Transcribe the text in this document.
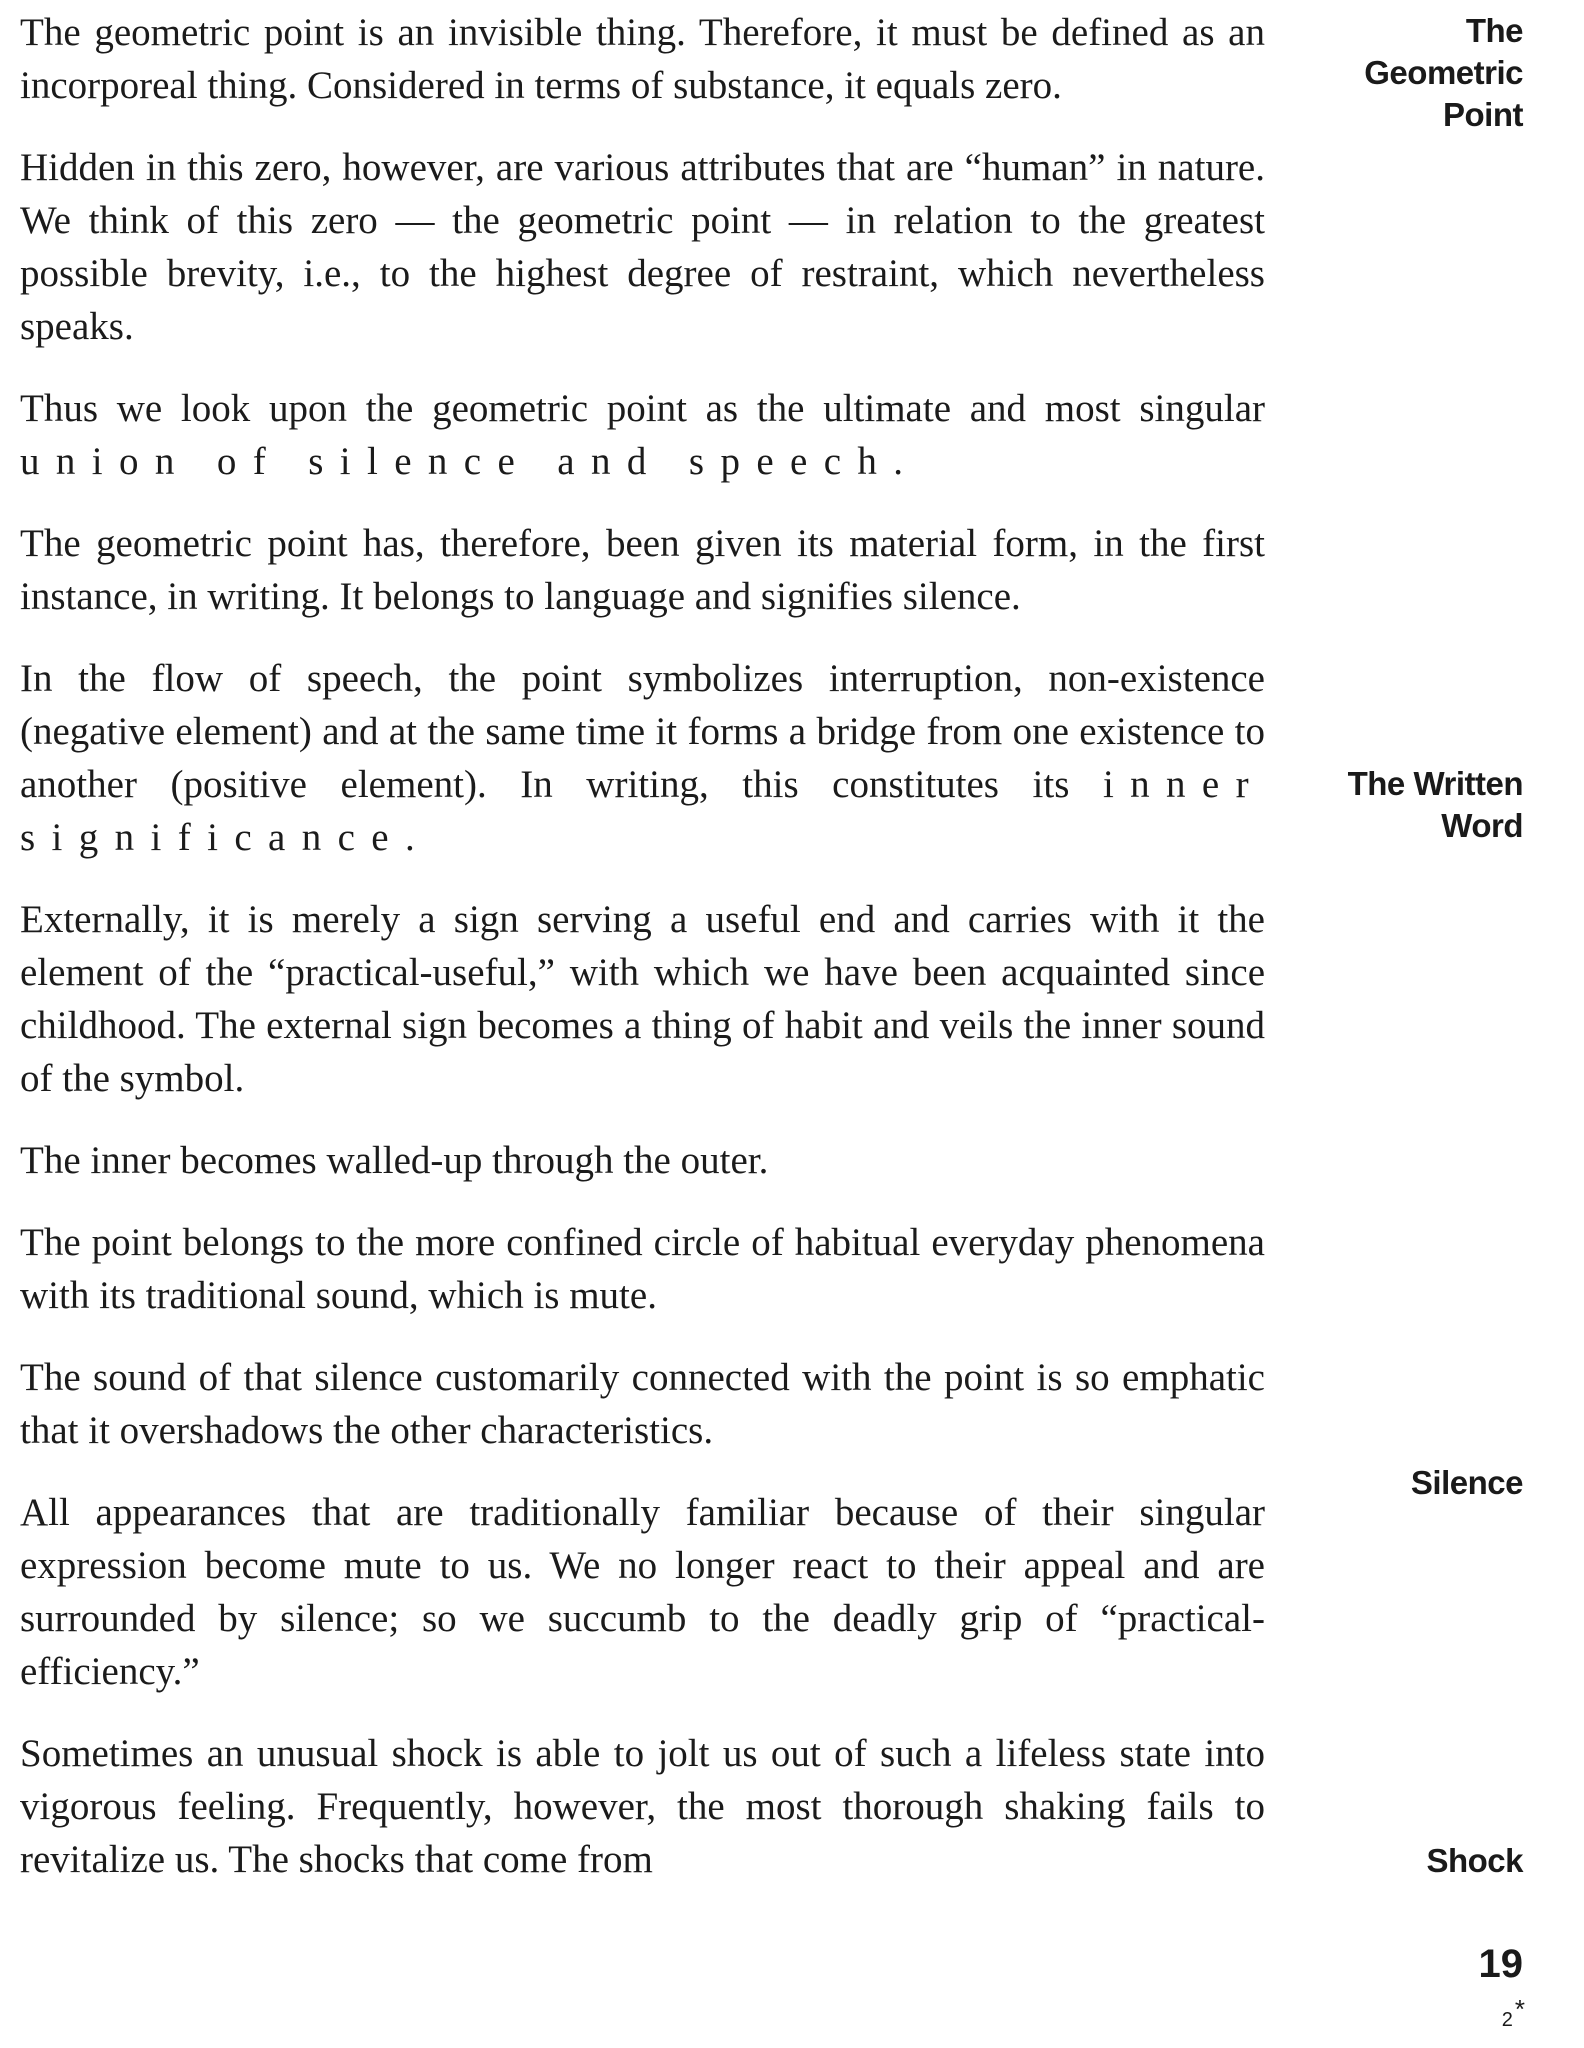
The geometric point is an invisible thing. Therefore, it must be defined as an incorporeal thing. Considered in terms of substance, it equals zero.

Hidden in this zero, however, are various attributes that are “human” in nature. We think of this zero — the geometric point — in relation to the greatest possible brevity, i.e., to the highest degree of restraint, which nevertheless speaks.

Thus we look upon the geometric point as the ultimate and most singular union of silence and speech.

The geometric point has, therefore, been given its material form, in the first instance, in writing. It belongs to language and signifies silence.

In the flow of speech, the point symbolizes interruption, non-existence (negative element) and at the same time it forms a bridge from one existence to another (positive element). In writing, this constitutes its inner significance.

Externally, it is merely a sign serving a useful end and carries with it the element of the “practical-useful,” with which we have been acquainted since childhood. The external sign becomes a thing of habit and veils the inner sound of the symbol.

The inner becomes walled-up through the outer.

The point belongs to the more confined circle of habitual everyday phenomena with its traditional sound, which is mute.

The sound of that silence customarily connected with the point is so emphatic that it overshadows the other characteristics.

All appearances that are traditionally familiar because of their singular expression become mute to us. We no longer react to their appeal and are surrounded by silence; so we succumb to the deadly grip of “practical-efficiency.”

Sometimes an unusual shock is able to jolt us out of such a lifeless state into vigorous feeling. Frequently, however, the most thorough shaking fails to revitalize us. The shocks that come from

The
Geometric
Point
The Written
Word
Silence
Shock
19
2*
